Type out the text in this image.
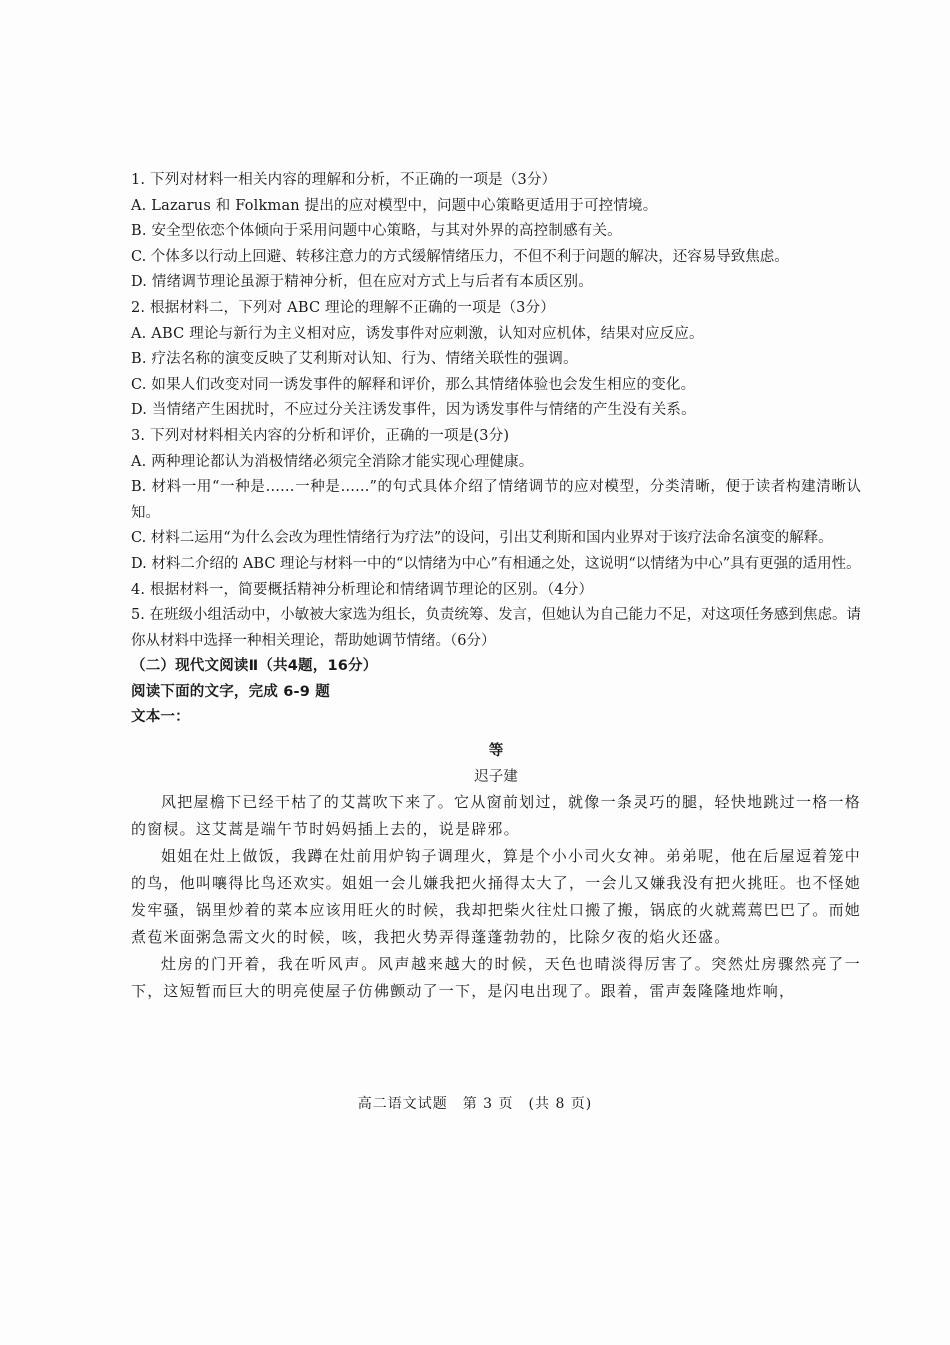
1. 下列对材料一相关内容的理解和分析，不正确的一项是（3分）
A. Lazarus 和 Folkman 提出的应对模型中，问题中心策略更适用于可控情境。
B. 安全型依恋个体倾向于采用问题中心策略，与其对外界的高控制感有关。
C. 个体多以行动上回避、转移注意力的方式缓解情绪压力，不但不利于问题的解决，还容易导致焦虑。
D. 情绪调节理论虽源于精神分析，但在应对方式上与后者有本质区别。
2. 根据材料二，下列对 ABC 理论的理解不正确的一项是（3分）
A. ABC 理论与新行为主义相对应，诱发事件对应刺激，认知对应机体，结果对应反应。
B. 疗法名称的演变反映了艾利斯对认知、行为、情绪关联性的强调。
C. 如果人们改变对同一诱发事件的解释和评价，那么其情绪体验也会发生相应的变化。
D. 当情绪产生困扰时，不应过分关注诱发事件，因为诱发事件与情绪的产生没有关系。
3. 下列对材料相关内容的分析和评价，正确的一项是(3分)
A. 两种理论都认为消极情绪必须完全消除才能实现心理健康。
B. 材料一用“一种是……一种是……”的句式具体介绍了情绪调节的应对模型，分类清晰，便于读者构建清晰认知。
C. 材料二运用“为什么会改为理性情绪行为疗法”的设问，引出艾利斯和国内业界对于该疗法命名演变的解释。
D. 材料二介绍的 ABC 理论与材料一中的“以情绪为中心”有相通之处，这说明“以情绪为中心”具有更强的适用性。
4. 根据材料一，简要概括精神分析理论和情绪调节理论的区别。（4分）
5. 在班级小组活动中，小敏被大家选为组长，负责统筹、发言，但她认为自己能力不足，对这项任务感到焦虑。请你从材料中选择一种相关理论，帮助她调节情绪。（6分）
（二）现代文阅读Ⅱ（共4题，16分）
阅读下面的文字，完成 6-9 题
文本一：
等
迟子建

风把屋檐下已经干枯了的艾蒿吹下来了。它从窗前划过，就像一条灵巧的腿，轻快地跳过一格一格的窗棂。这艾蒿是端午节时妈妈插上去的，说是辟邪。

姐姐在灶上做饭，我蹲在灶前用炉钩子调理火，算是个小小司火女神。弟弟呢，他在后屋逗着笼中的鸟，他叫嚷得比鸟还欢实。姐姐一会儿嫌我把火捅得太大了，一会儿又嫌我没有把火挑旺。也不怪她发牢骚，锅里炒着的菜本应该用旺火的时候，我却把柴火往灶口搬了搬，锅底的火就蔫蔫巴巴了。而她煮苞米面粥急需文火的时候，咳，我把火势弄得蓬蓬勃勃的，比除夕夜的焰火还盛。

灶房的门开着，我在听风声。风声越来越大的时候，天色也晴淡得厉害了。突然灶房骤然亮了一下，这短暂而巨大的明亮使屋子仿佛颤动了一下，是闪电出现了。跟着，雷声轰隆隆地炸响，

高二语文试题　第 3 页　(共 8 页)
